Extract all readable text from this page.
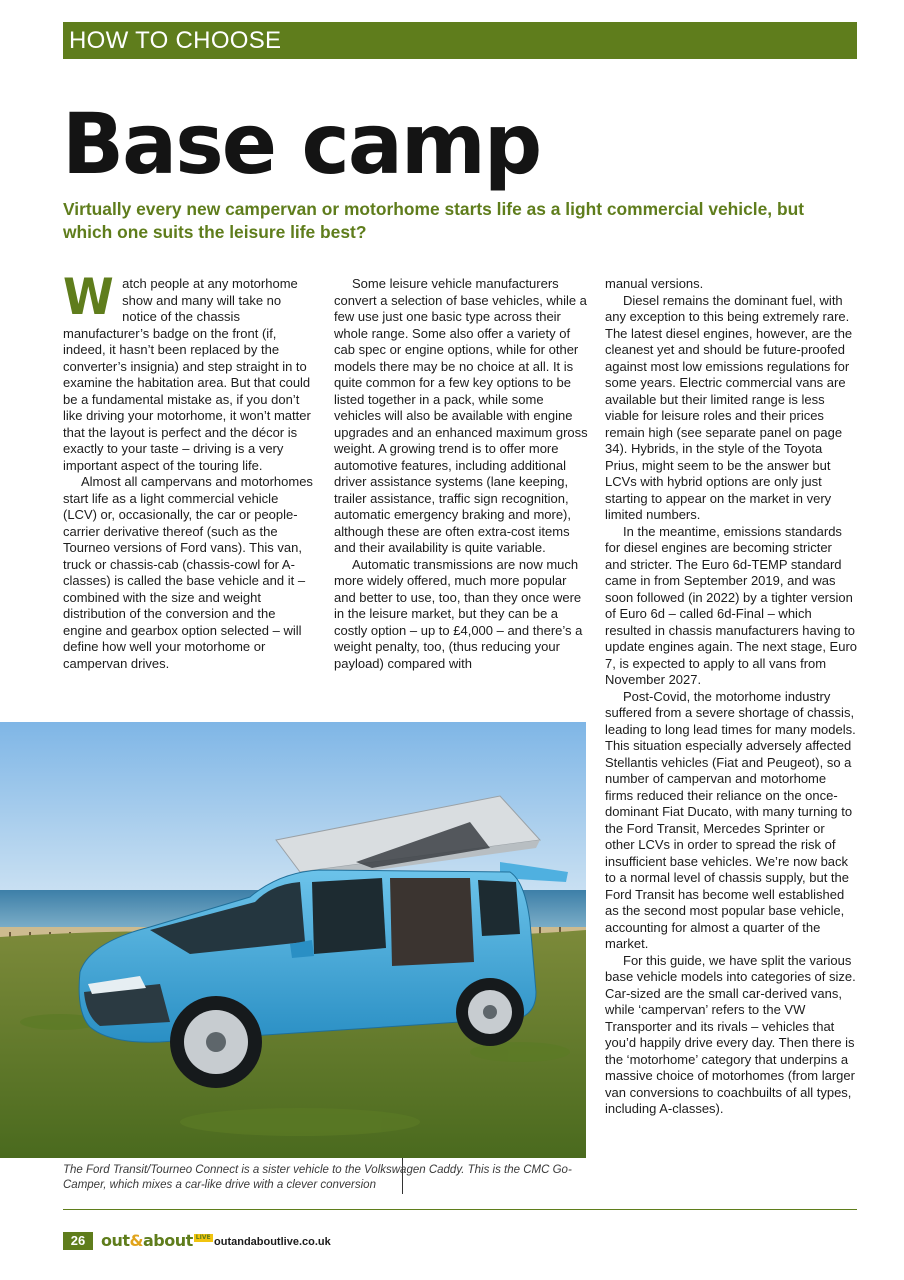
HOW TO CHOOSE
Base camp

Virtually every new campervan or motorhome starts life as a light commercial vehicle, but which one suits the leisure life best?

Watch people at any motorhome show and many will take no notice of the chassis manufacturer’s badge on the front (if, indeed, it hasn’t been replaced by the converter’s insignia) and step straight in to examine the habitation area. But that could be a fundamental mistake as, if you don’t like driving your motorhome, it won’t matter that the layout is perfect and the décor is exactly to your taste – driving is a very important aspect of the touring life.

Almost all campervans and motorhomes start life as a light commercial vehicle (LCV) or, occasionally, the car or people-carrier derivative thereof (such as the Tourneo versions of Ford vans). This van, truck or chassis-cab (chassis-cowl for A-classes) is called the base vehicle and it – combined with the size and weight distribution of the conversion and the engine and gearbox option selected – will define how well your motorhome or campervan drives.

Some leisure vehicle manufacturers convert a selection of base vehicles, while a few use just one basic type across their whole range. Some also offer a variety of cab spec or engine options, while for other models there may be no choice at all. It is quite common for a few key options to be listed together in a pack, while some vehicles will also be available with engine upgrades and an enhanced maximum gross weight. A growing trend is to offer more automotive features, including additional driver assistance systems (lane keeping, trailer assistance, traffic sign recognition, automatic emergency braking and more), although these are often extra-cost items and their availability is quite variable.

Automatic transmissions are now much more widely offered, much more popular and better to use, too, than they once were in the leisure market, but they can be a costly option – up to £4,000 – and there’s a weight penalty, too, (thus reducing your payload) compared with

manual versions.

Diesel remains the dominant fuel, with any exception to this being extremely rare. The latest diesel engines, however, are the cleanest yet and should be future-proofed against most low emissions regulations for some years. Electric commercial vans are available but their limited range is less viable for leisure roles and their prices remain high (see separate panel on page 34). Hybrids, in the style of the Toyota Prius, might seem to be the answer but LCVs with hybrid options are only just starting to appear on the market in very limited numbers.

In the meantime, emissions standards for diesel engines are becoming stricter and stricter. The Euro 6d-TEMP standard came in from September 2019, and was soon followed (in 2022) by a tighter version of Euro 6d – called 6d-Final – which resulted in chassis manufacturers having to update engines again. The next stage, Euro 7, is expected to apply to all vans from November 2027.

Post-Covid, the motorhome industry suffered from a severe shortage of chassis, leading to long lead times for many models. This situation especially adversely affected Stellantis vehicles (Fiat and Peugeot), so a number of campervan and motorhome firms reduced their reliance on the once-dominant Fiat Ducato, with many turning to the Ford Transit, Mercedes Sprinter or other LCVs in order to spread the risk of insufficient base vehicles. We’re now back to a normal level of chassis supply, but the Ford Transit has become well established as the second most popular base vehicle, accounting for almost a quarter of the market.

For this guide, we have split the various base vehicle models into categories of size. Car-sized are the small car-derived vans, while ‘campervan’ refers to the VW Transporter and its rivals – vehicles that you’d happily drive every day. Then there is the ‘motorhome’ category that underpins a massive choice of motorhomes (from larger van conversions to coachbuilts of all types, including A-classes).

The Ford Transit/Tourneo Connect is a sister vehicle to the Volkswagen Caddy. This is the CMC Go-Camper, which mixes a car-like drive with a clever conversion

26 out&about LIVE outandaboutlive.co.uk
